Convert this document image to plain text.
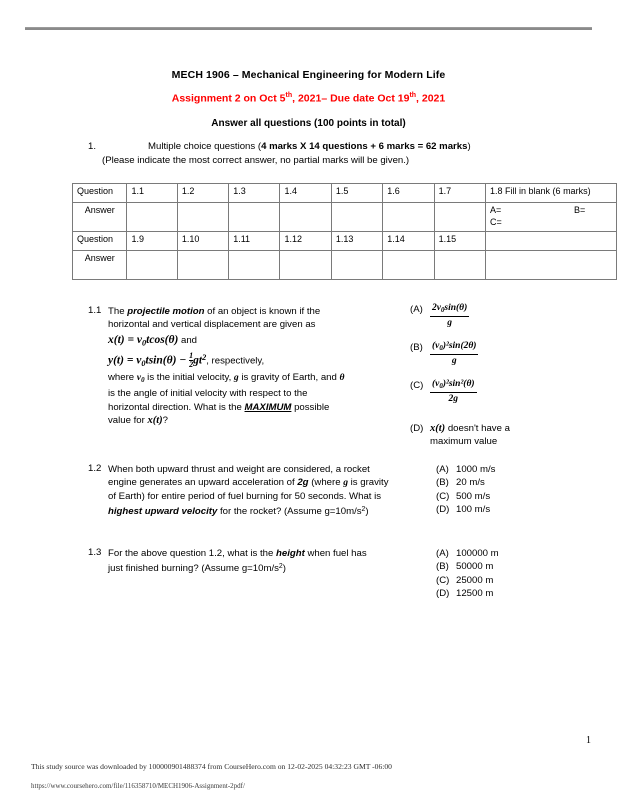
MECH 1906 – Mechanical Engineering for Modern Life
Assignment 2 on Oct 5th, 2021– Due date Oct 19th, 2021
Answer all questions (100 points in total)
1.	Multiple choice questions (4 marks X 14 questions + 6 marks = 62 marks)
(Please indicate the most correct answer, no partial marks will be given.)
Question	1.1	1.2	1.3	1.4	1.5	1.6	1.7	1.8 Fill in blank (6 marks)
Answer								A= B=
C=

Question	1.9	1.10	1.11	1.12	1.13	1.14	1.15	
Answer								
1.1 The projectile motion of an object is known if the
horizontal and vertical displacement are given as
$x(t) = v_0tcos(\theta)$ and
$y(t) = v_0tsin(\theta) - \frac{1}{2} gt^2$, respectively,
where $v_0$ is the initial velocity, g is gravity of Earth, and θ
is the angle of initial velocity with respect to the
horizontal direction. What is the MAXIMUM possible
value for x(t)?
$(A) \frac{2v_0\sin(\theta)}{g}$
$(B) \frac{(v_0)^2\sin(2\theta)}{g}$
$(C) \frac{(v_0)^2\sin^2(\theta)}{2g}$
(D) x(t) doesn't have a
maximum value
1.2 When both upward thrust and weight are considered, a rocket
engine generates an upward acceleration of 2g (where g is gravity
of Earth) for entire period of fuel burning for 50 seconds. What is
highest upward velocity for the rocket? (Assume $g=10m/s^2$)
(A) 1000 m/s
(B) 20 m/s
(C) 500 m/s
(D) 100 m/s
1.3 For the above question 1.2, what is the height when fuel has
just finished burning? (Assume $g=10m/s^2$)
(A) 100000 m
(B) 50000 m
(C) 25000 m
(D) 12500 m
1
This study source was downloaded by 100000901488374 from CourseHero.com on 12-02-2025 04:32:23 GMT -06:00
https://www.coursehero.com/file/116358710/MECH1906-Assignment-2pdf/
